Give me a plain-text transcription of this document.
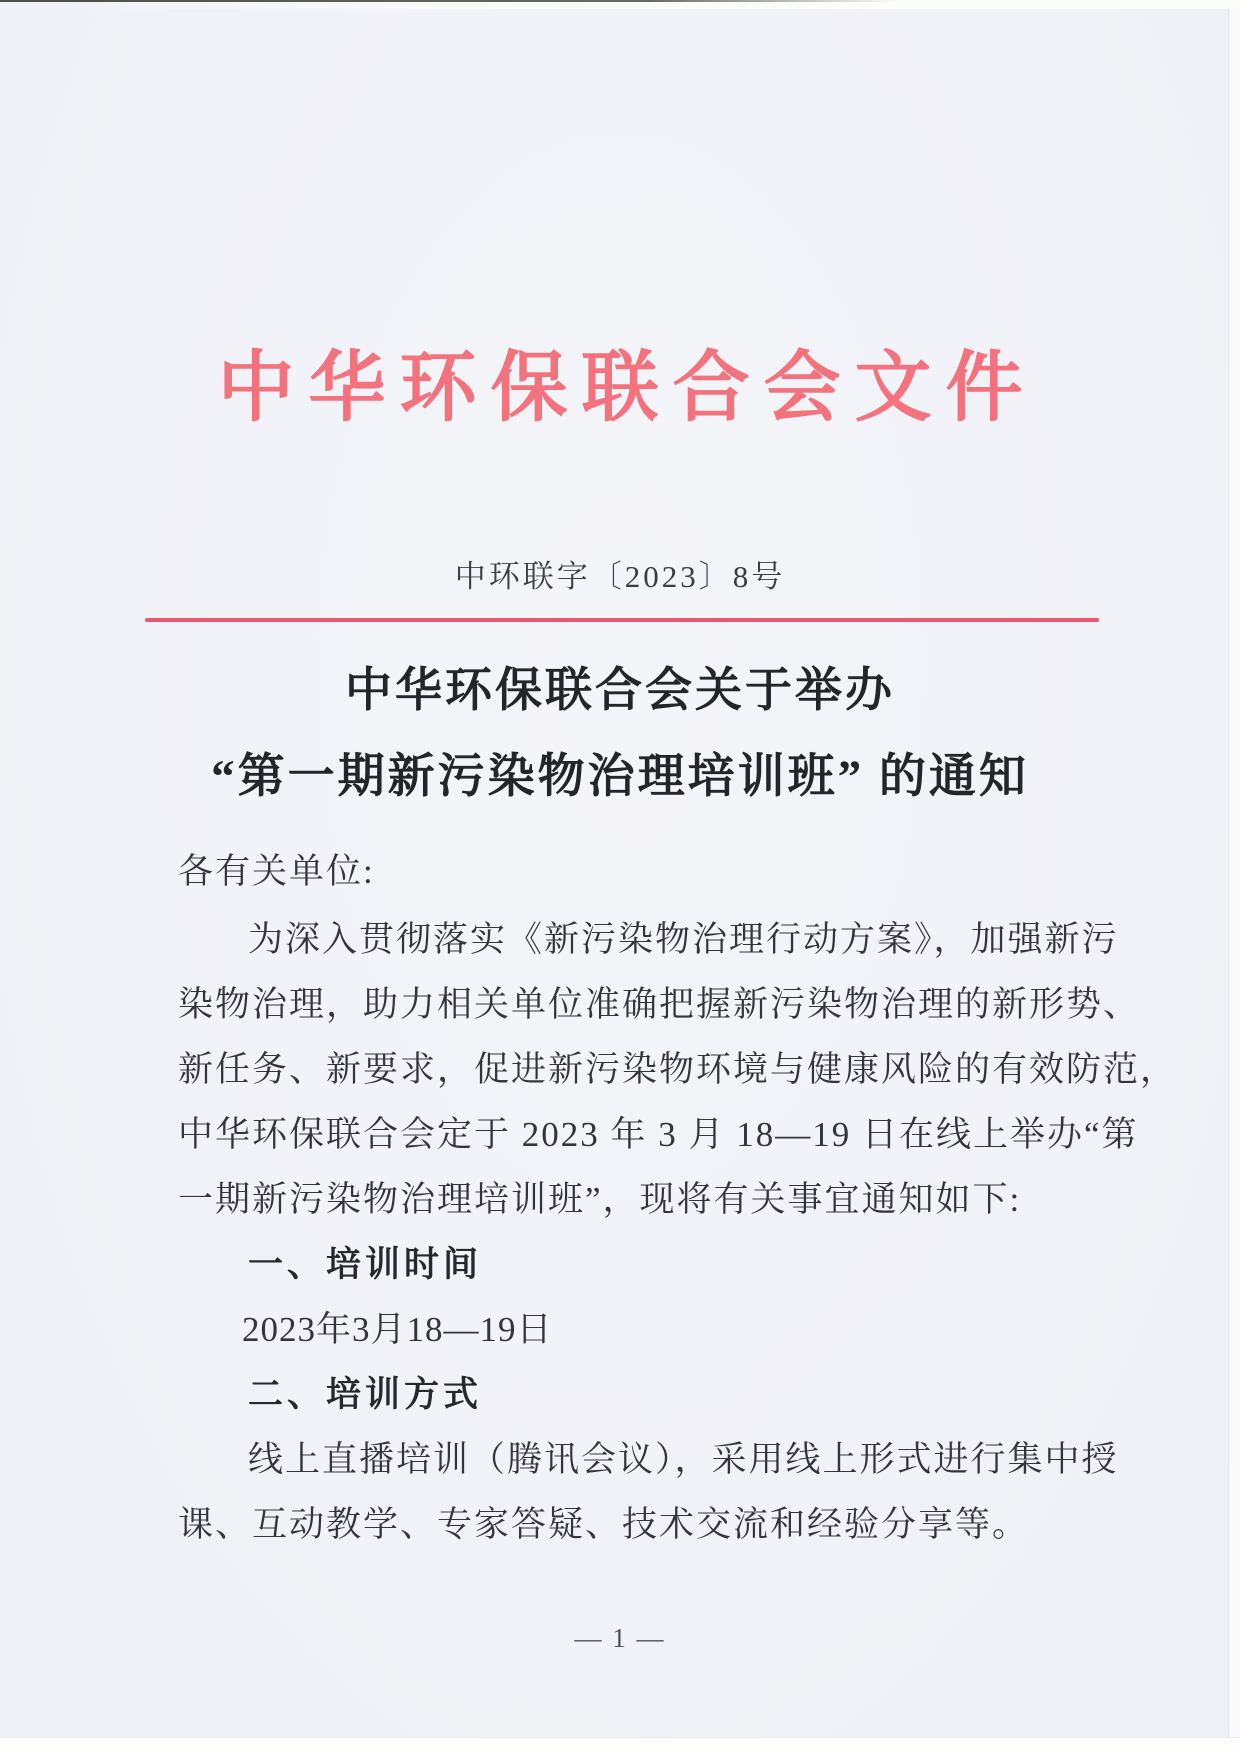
中华环保联合会文件
中环联字〔2023〕8号
中华环保联合会关于举办
“第一期新污染物治理培训班” 的通知
各有关单位:
为深入贯彻落实《新污染物治理行动方案》，加强新污
染物治理，助力相关单位准确把握新污染物治理的新形势、
新任务、新要求，促进新污染物环境与健康风险的有效防范，
中华环保联合会定于 2023 年 3 月 18—19 日在线上举办“第
一期新污染物治理培训班”，现将有关事宜通知如下:
一、培训时间
2023年3月18—19日
二、培训方式
线上直播培训（腾讯会议），采用线上形式进行集中授
课、互动教学、专家答疑、技术交流和经验分享等。
— 1 —
